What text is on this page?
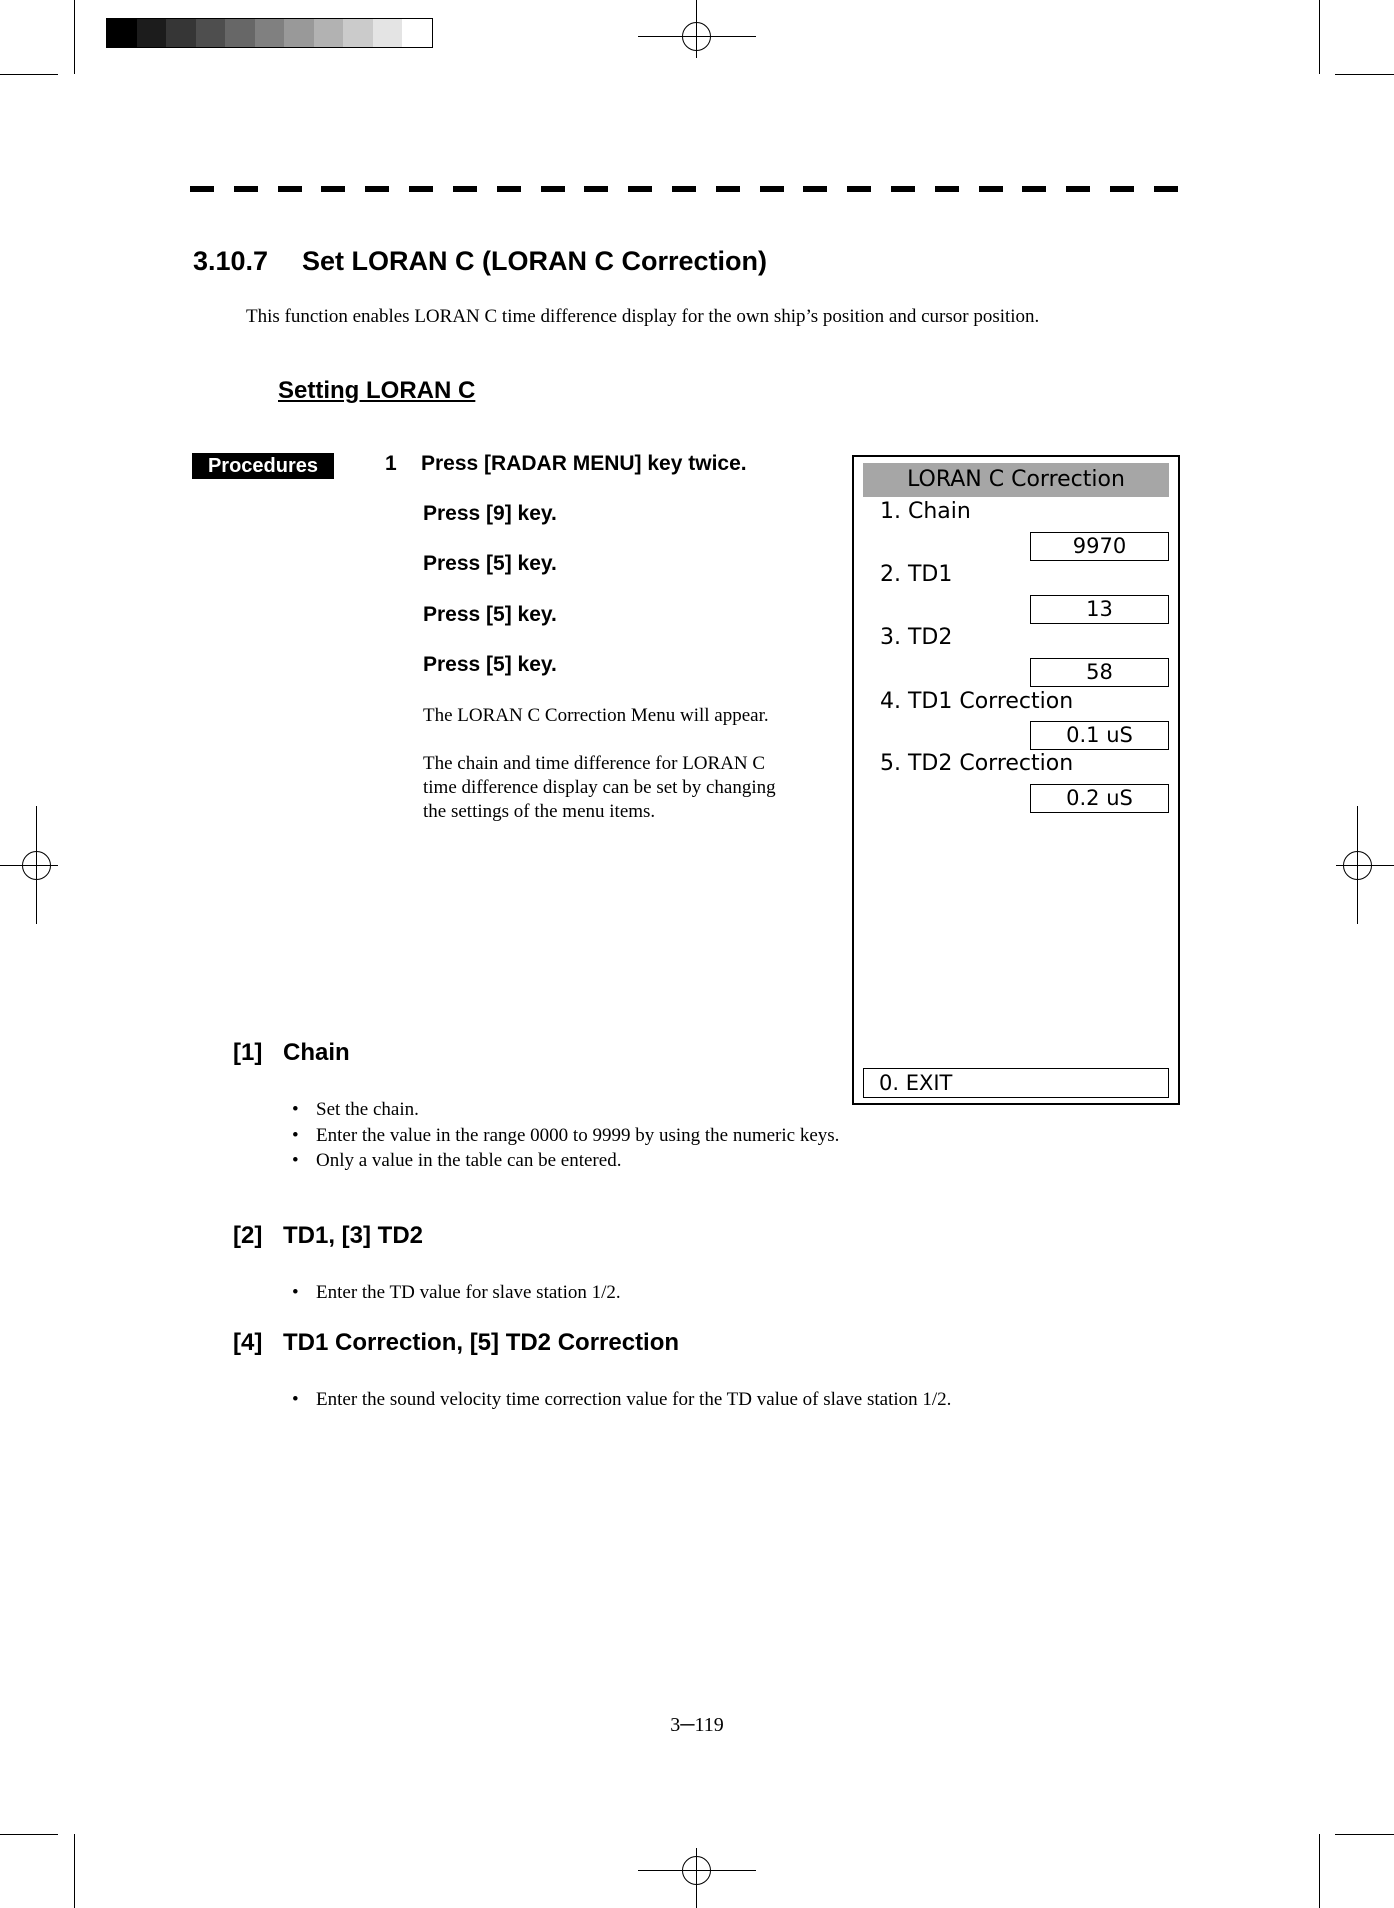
3.10.7 Set LORAN C (LORAN C Correction)
This function enables LORAN C time difference display for the own ship’s position and cursor position.
Setting LORAN C
Procedures	1 Press [RADAR MENU] key twice.
Press [9] key.
Press [5] key.
Press [5] key.
Press [5] key.
The LORAN C Correction Menu will appear.
The chain and time difference for LORAN C
time difference display can be set by changing
the settings of the menu items.
LORAN C Correction
1. Chain
9970
2. TD1
13
3. TD2
58
4. TD1 Correction
0.1 uS
5. TD2 Correction
0.2 uS
0. EXIT
[1] Chain
• Set the chain.
• Enter the value in the range 0000 to 9999 by using the numeric keys.
• Only a value in the table can be entered.
[2] TD1, [3] TD2
• Enter the TD value for slave station 1/2.
[4] TD1 Correction, [5] TD2 Correction
• Enter the sound velocity time correction value for the TD value of slave station 1/2.
3─119
